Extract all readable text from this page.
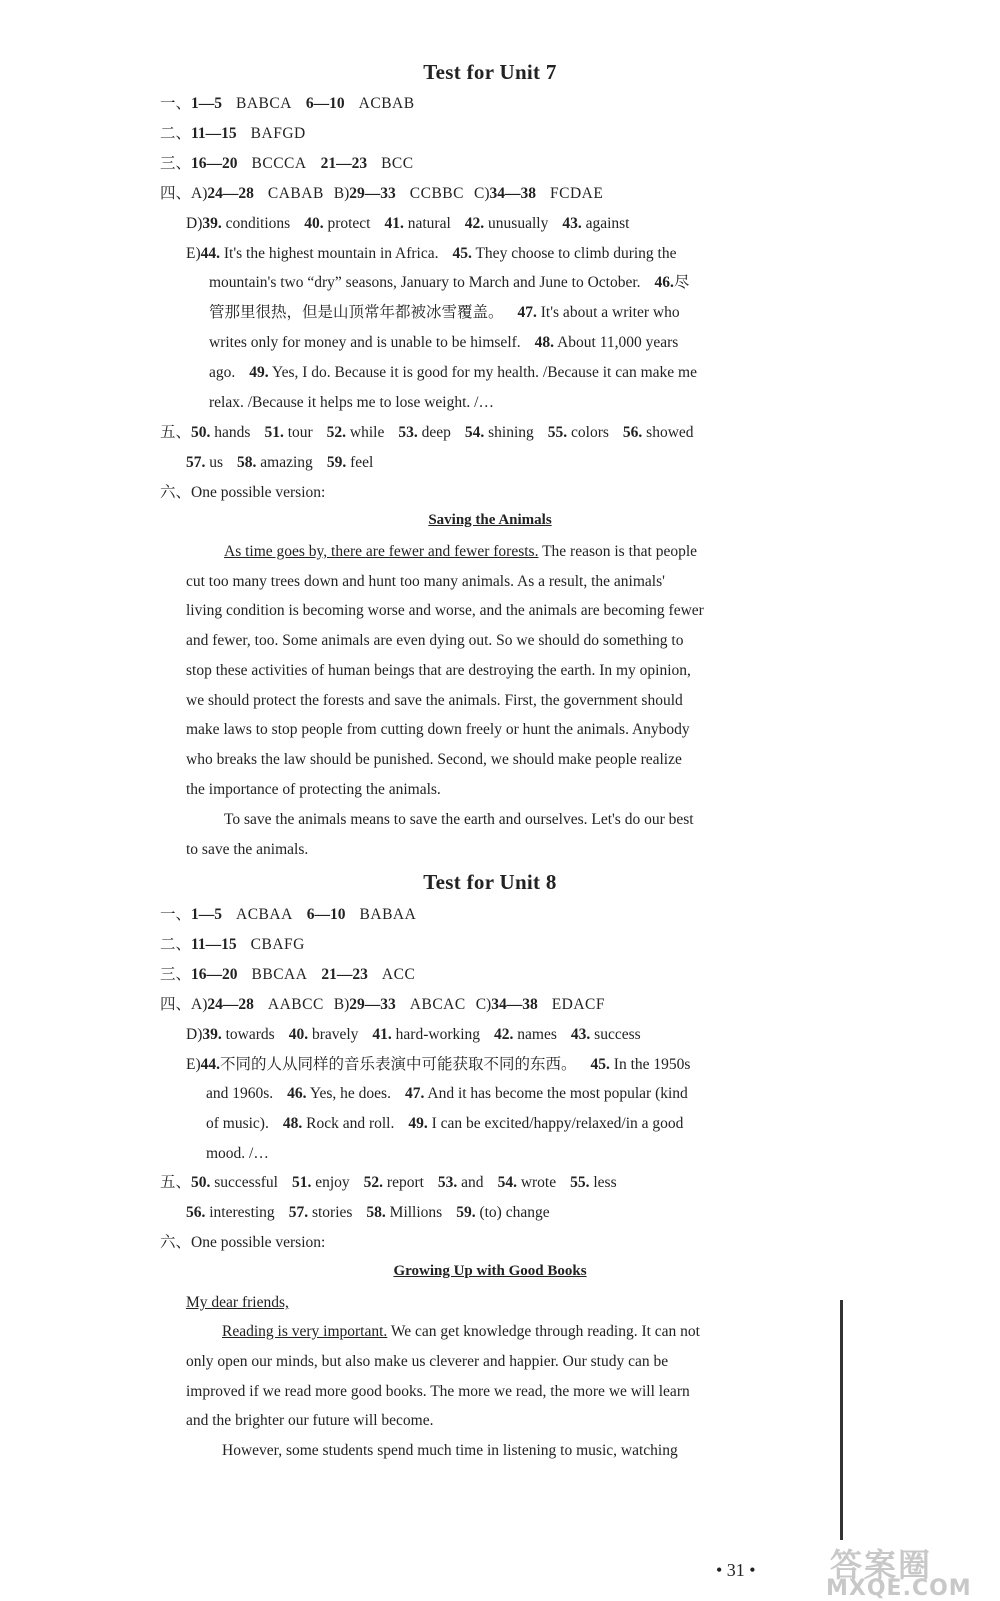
Test for Unit 7
一、1—5 BABCA 6—10 ACBAB
二、11—15 BAFGD
三、16—20 BCCCA 21—23 BCC
四、A)24—28 CABAB B)29—33 CCBBC C)34—38 FCDAE
D)39. conditions 40. protect 41. natural 42. unusually 43. against
E)44. It's the highest mountain in Africa. 45. They choose to climb during the
mountain's two “dry” seasons, January to March and June to October. 46.尽
管那里很热，但是山顶常年都被冰雪覆盖。 47. It's about a writer who
writes only for money and is unable to be himself. 48. About 11,000 years
ago. 49. Yes, I do. Because it is good for my health. /Because it can make me
relax. /Because it helps me to lose weight. /…
五、50. hands 51. tour 52. while 53. deep 54. shining 55. colors 56. showed
57. us 58. amazing 59. feel
六、One possible version:
Saving the Animals
As time goes by, there are fewer and fewer forests. The reason is that people
cut too many trees down and hunt too many animals. As a result, the animals'
living condition is becoming worse and worse, and the animals are becoming fewer
and fewer, too. Some animals are even dying out. So we should do something to
stop these activities of human beings that are destroying the earth. In my opinion,
we should protect the forests and save the animals. First, the government should
make laws to stop people from cutting down freely or hunt the animals. Anybody
who breaks the law should be punished. Second, we should make people realize
the importance of protecting the animals.
To save the animals means to save the earth and ourselves. Let's do our best
to save the animals.
Test for Unit 8
一、1—5 ACBAA 6—10 BABAA
二、11—15 CBAFG
三、16—20 BBCAA 21—23 ACC
四、A)24—28 AABCC B)29—33 ABCAC C)34—38 EDACF
D)39. towards 40. bravely 41. hard-working 42. names 43. success
E)44.不同的人从同样的音乐表演中可能获取不同的东西。 45. In the 1950s
and 1960s. 46. Yes, he does. 47. And it has become the most popular (kind
of music). 48. Rock and roll. 49. I can be excited/happy/relaxed/in a good
mood. /…
五、50. successful 51. enjoy 52. report 53. and 54. wrote 55. less
56. interesting 57. stories 58. Millions 59. (to) change
六、One possible version:
Growing Up with Good Books
My dear friends,
Reading is very important. We can get knowledge through reading. It can not
only open our minds, but also make us cleverer and happier. Our study can be
improved if we read more good books. The more we read, the more we will learn
and the brighter our future will become.
However, some students spend much time in listening to music, watching
• 31 • 答案圈
MXQE.COM
